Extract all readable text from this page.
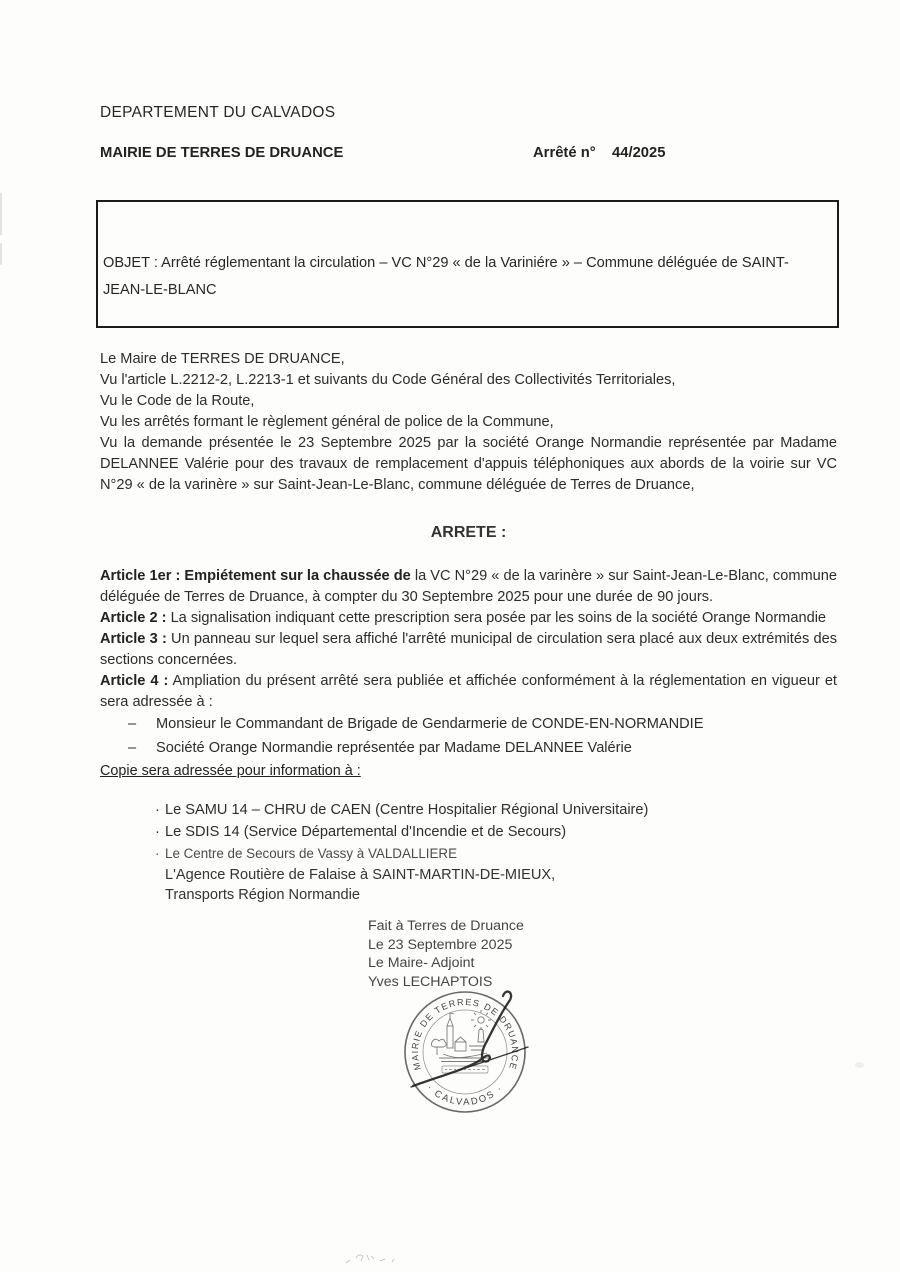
DEPARTEMENT DU CALVADOS
MAIRIE DE TERRES DE DRUANCE	Arrêté n° 44/2025
OBJET : Arrêté réglementant la circulation – VC N°29 « de la Variniére » – Commune déléguée de SAINT-JEAN-LE-BLANC
Le Maire de TERRES DE DRUANCE,
Vu l'article L.2212-2, L.2213-1 et suivants du Code Général des Collectivités Territoriales,
Vu le Code de la Route,
Vu les arrêtés formant le règlement général de police de la Commune,
Vu la demande présentée le 23 Septembre 2025 par la société Orange Normandie représentée par Madame DELANNEE Valérie pour des travaux de remplacement d'appuis téléphoniques aux abords de la voirie sur VC N°29 « de la varinère » sur Saint-Jean-Le-Blanc, commune déléguée de Terres de Druance,
ARRETE :

Article 1er : Empiétement sur la chaussée de la VC N°29 « de la varinère » sur Saint-Jean-Le-Blanc, commune déléguée de Terres de Druance, à compter du 30 Septembre 2025 pour une durée de 90 jours.

Article 2 : La signalisation indiquant cette prescription sera posée par les soins de la société Orange Normandie

Article 3 : Un panneau sur lequel sera affiché l'arrêté municipal de circulation sera placé aux deux extrémités des sections concernées.

Article 4 : Ampliation du présent arrêté sera publiée et affichée conformément à la réglementation en vigueur et sera adressée à :

–	Monsieur le Commandant de Brigade de Gendarmerie de CONDE-EN-NORMANDIE
–	Société Orange Normandie représentée par Madame DELANNEE Valérie
Copie sera adressée pour information à :
· Le SAMU 14 – CHRU de CAEN (Centre Hospitalier Régional Universitaire)
· Le SDIS 14 (Service Départemental d'Incendie et de Secours)
· Le Centre de Secours de Vassy à VALDALLIERE
L'Agence Routière de Falaise à SAINT-MARTIN-DE-MIEUX,
Transports Région Normandie
Fait à Terres de Druance
Le 23 Septembre 2025
Le Maire- Adjoint
Yves LECHAPTOIS
MAIRIE DE TERRES DE DRUANCE
· CALVADOS ·
